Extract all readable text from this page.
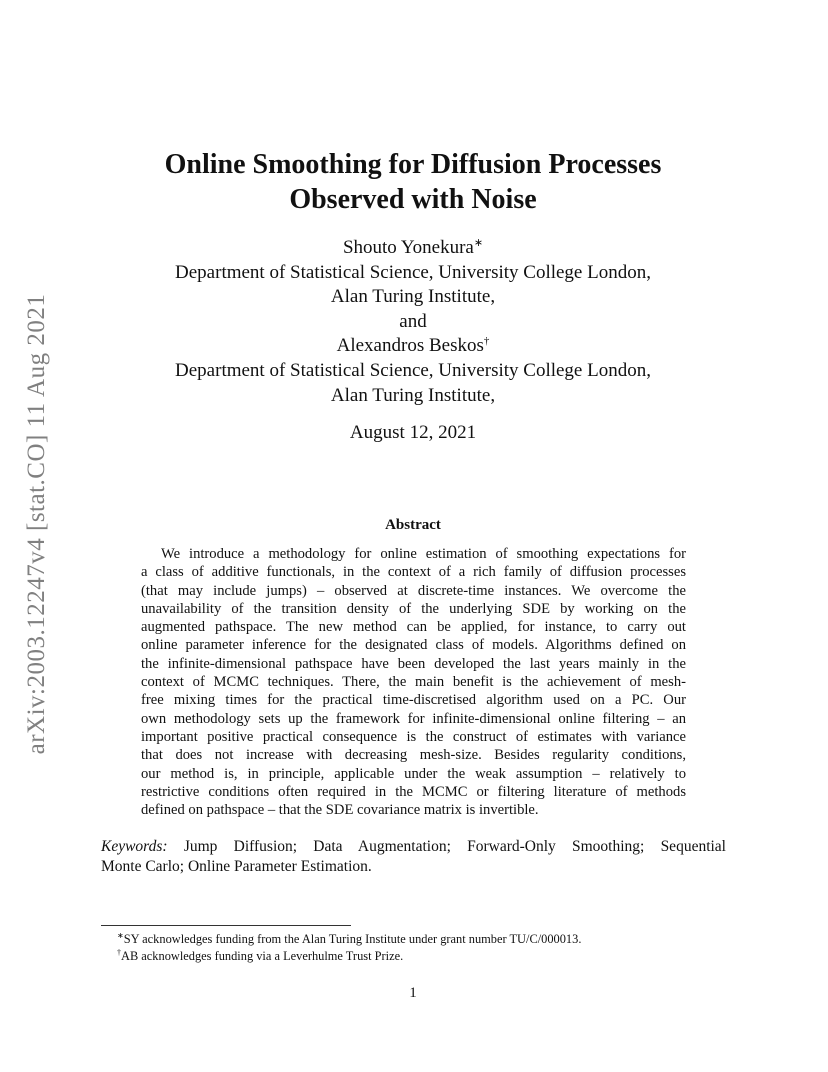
arXiv:2003.12247v4 [stat.CO] 11 Aug 2021
Online Smoothing for Diffusion Processes
Observed with Noise
Shouto Yonekura∗
Department of Statistical Science, University College London,
Alan Turing Institute,
and
Alexandros Beskos†
Department of Statistical Science, University College London,
Alan Turing Institute,
August 12, 2021
Abstract
We introduce a methodology for online estimation of smoothing expectations for
a class of additive functionals, in the context of a rich family of diffusion processes
(that may include jumps) – observed at discrete-time instances. We overcome the
unavailability of the transition density of the underlying SDE by working on the
augmented pathspace. The new method can be applied, for instance, to carry out
online parameter inference for the designated class of models. Algorithms defined on
the infinite-dimensional pathspace have been developed the last years mainly in the
context of MCMC techniques. There, the main benefit is the achievement of mesh-
free mixing times for the practical time-discretised algorithm used on a PC. Our
own methodology sets up the framework for infinite-dimensional online filtering – an
important positive practical consequence is the construct of estimates with variance
that does not increase with decreasing mesh-size. Besides regularity conditions,
our method is, in principle, applicable under the weak assumption – relatively to
restrictive conditions often required in the MCMC or filtering literature of methods
defined on pathspace – that the SDE covariance matrix is invertible.
Keywords: Jump Diffusion; Data Augmentation; Forward-Only Smoothing; Sequential
Monte Carlo; Online Parameter Estimation.
∗SY acknowledges funding from the Alan Turing Institute under grant number TU/C/000013.
†AB acknowledges funding via a Leverhulme Trust Prize.
1
